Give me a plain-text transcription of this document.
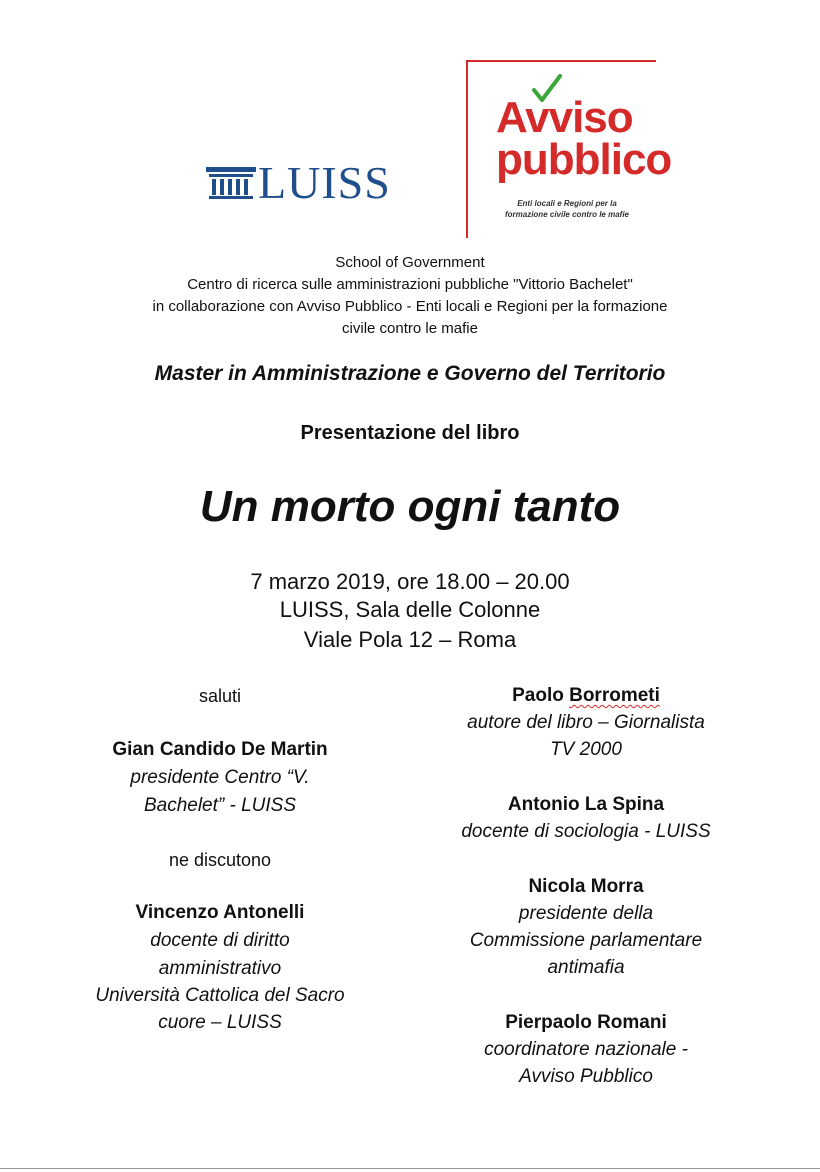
LUISS
Avviso
pubblico
Enti locali e Regioni per la formazione civile contro le mafie
School of Government
Centro di ricerca sulle amministrazioni pubbliche "Vittorio Bachelet"
in collaborazione con Avviso Pubblico - Enti locali e Regioni per la formazione
civile contro le mafie
Master in Amministrazione e Governo del Territorio
Presentazione del libro
Un morto ogni tanto
7 marzo 2019, ore 18.00 – 20.00
LUISS, Sala delle Colonne
Viale Pola 12 – Roma
saluti
Gian Candido De Martin
presidente Centro “V.
Bachelet” - LUISS
ne discutono
Vincenzo Antonelli
docente di diritto
amministrativo
Università Cattolica del Sacro
cuore – LUISS
Paolo Borrometi
autore del libro – Giornalista
TV 2000
Antonio La Spina
docente di sociologia - LUISS
Nicola Morra
presidente della
Commissione parlamentare
antimafia
Pierpaolo Romani
coordinatore nazionale -
Avviso Pubblico
